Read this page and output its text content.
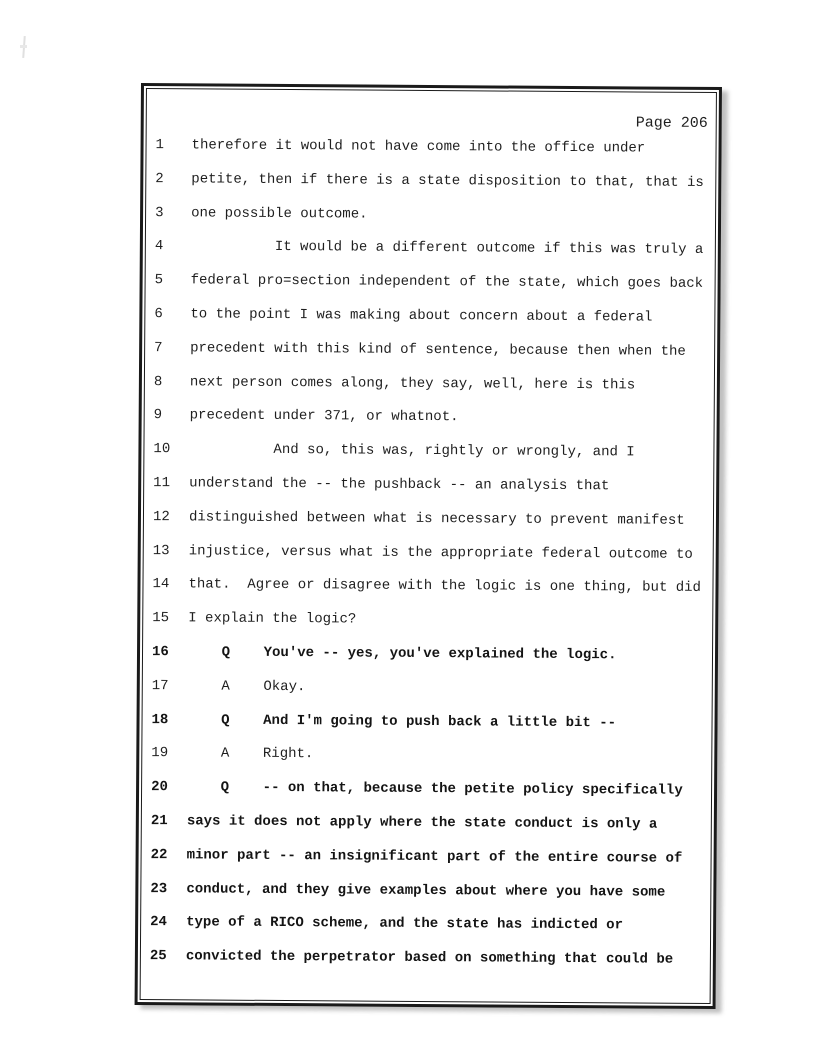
Page 206
1	therefore it would not have come into the office under
2	petite, then if there is a state disposition to that, that is
3	one possible outcome.
4	It would be a different outcome if this was truly a
5	federal pro=section independent of the state, which goes back
6	to the point I was making about concern about a federal
7	precedent with this kind of sentence, because then when the
8	next person comes along, they say, well, here is this
9	precedent under 371, or whatnot.
10	And so, this was, rightly or wrongly, and I
11	understand the -- the pushback -- an analysis that
12	distinguished between what is necessary to prevent manifest
13	injustice, versus what is the appropriate federal outcome to
14	that.  Agree or disagree with the logic is one thing, but did
15	I explain the logic?
16	Q    You've -- yes, you've explained the logic.
17	A    Okay.
18	Q    And I'm going to push back a little bit --
19	A    Right.
20	Q    -- on that, because the petite policy specifically
21	says it does not apply where the state conduct is only a
22	minor part -- an insignificant part of the entire course of
23	conduct, and they give examples about where you have some
24	type of a RICO scheme, and the state has indicted or
25	convicted the perpetrator based on something that could be
